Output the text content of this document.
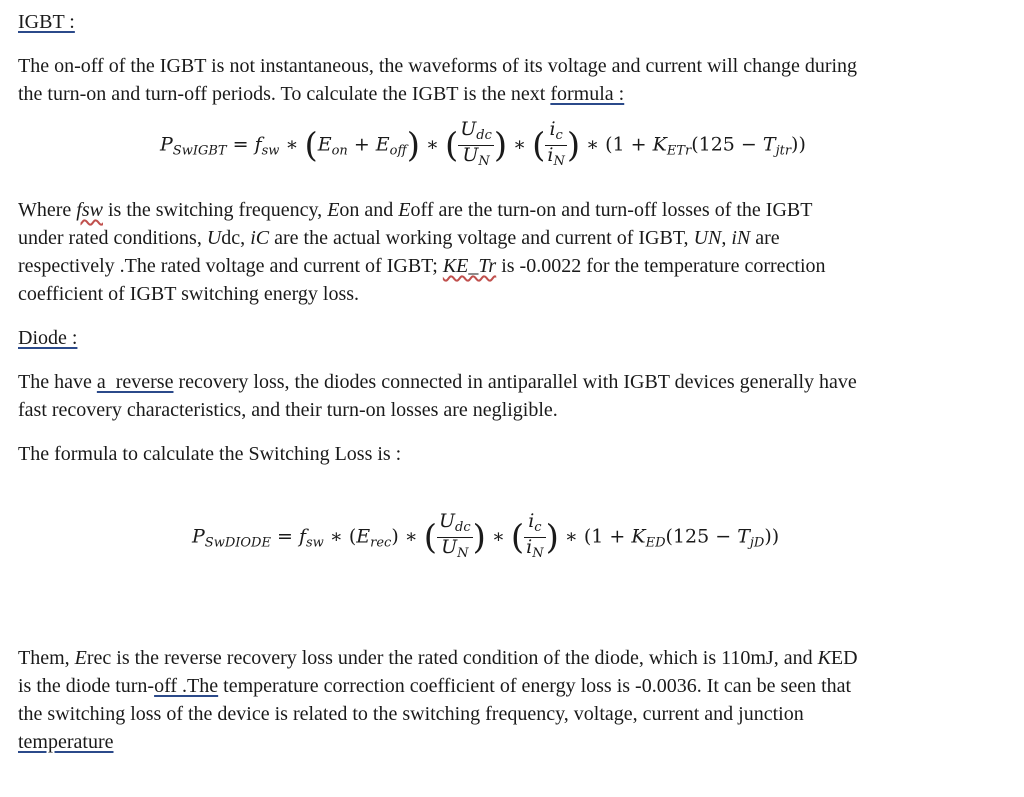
IGBT :
The on-off of the IGBT is not instantaneous, the waveforms of its voltage and current will change during
the turn-on and turn-off periods. To calculate the IGBT is the next formula :
$P_{SwIGBT} = f_{sw}$ ∗ $(E_{on} + E_{off})$ ∗ ( $\frac{U_{dc}}{U_N}$ ) ∗ ( $\frac{i_c}{i_N}$ ) ∗ $(1 + K_{ETr}(125 - T_{jtr}))$
Where fsw is the switching frequency, Eon and Eoff are the turn-on and turn-off losses of the IGBT
under rated conditions, Udc, iC are the actual working voltage and current of IGBT, UN, iN are
respectively .The rated voltage and current of IGBT; KE_Tr is -0.0022 for the temperature correction
coefficient of IGBT switching energy loss.
Diode :
The have a  reverse recovery loss, the diodes connected in antiparallel with IGBT devices generally have
fast recovery characteristics, and their turn-on losses are negligible.
The formula to calculate the Switching Loss is :
$P_{SwDIODE} = f_{sw}$ ∗ $(E_{rec})$ ∗ ( $\frac{U_{dc}}{U_N}$ ) ∗ ( $\frac{i_c}{i_N}$ ) ∗ $(1 + K_{ED}(125 - T_{jD}))$
Them, Erec is the reverse recovery loss under the rated condition of the diode, which is 110mJ, and KED
is the diode turn-off .The temperature correction coefficient of energy loss is -0.0036. It can be seen that
the switching loss of the device is related to the switching frequency, voltage, current and junction
temperature
